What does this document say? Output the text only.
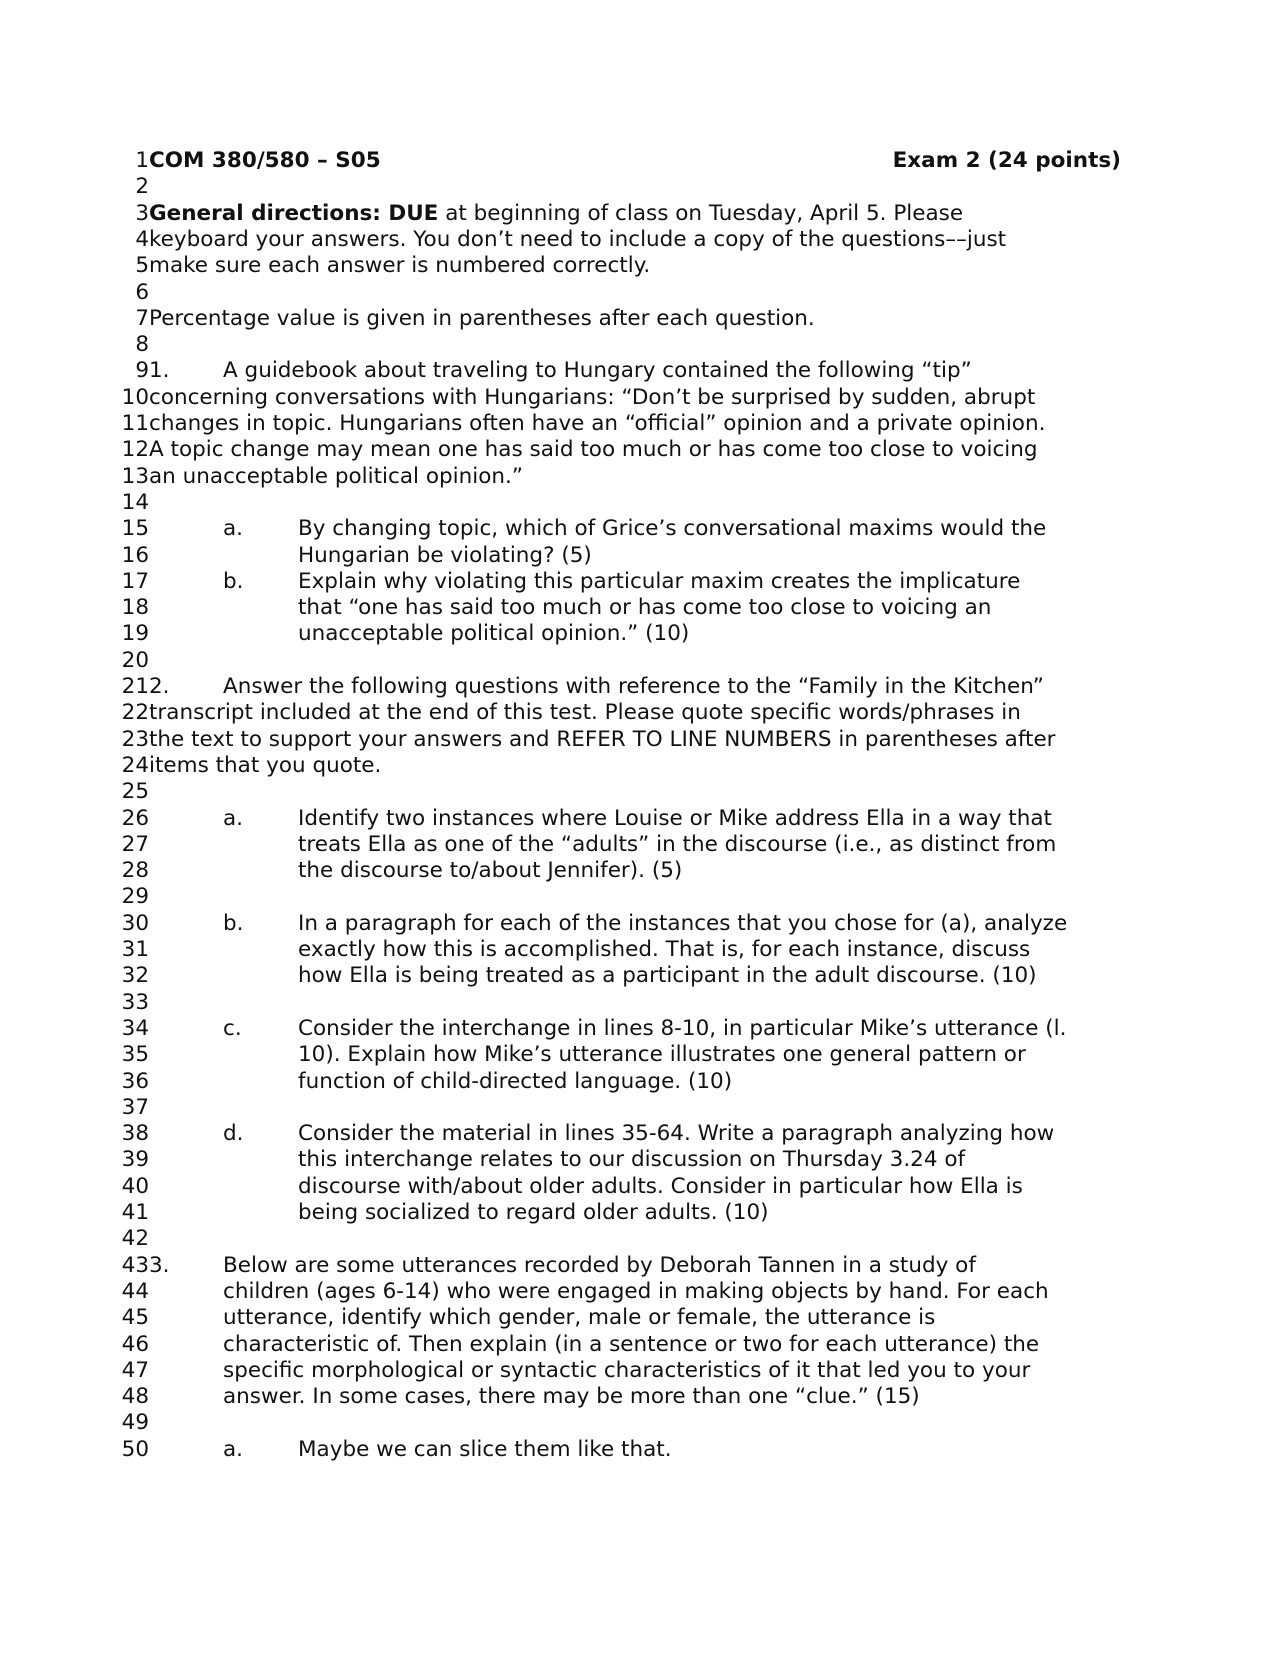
1 COM 380/580 – S05	Exam 2 (24 points)
2
3 General directions: DUE at beginning of class on Tuesday, April 5. Please
4 keyboard your answers. You don’t need to include a copy of the questions––just
5 make sure each answer is numbered correctly.
6
7 Percentage value is given in parentheses after each question.
8
9 1. A guidebook about traveling to Hungary contained the following “tip”
10 concerning conversations with Hungarians: “Don’t be surprised by sudden, abrupt
11 changes in topic. Hungarians often have an “official” opinion and a private opinion.
12 A topic change may mean one has said too much or has come too close to voicing
13 an unacceptable political opinion.”
14
15	a.	By changing topic, which of Grice’s conversational maxims would the
16	Hungarian be violating? (5)
17	b.	Explain why violating this particular maxim creates the implicature
18	that “one has said too much or has come too close to voicing an
19	unacceptable political opinion.” (10)
20
21 2. Answer the following questions with reference to the “Family in the Kitchen”
22 transcript included at the end of this test. Please quote specific words/phrases in
23 the text to support your answers and REFER TO LINE NUMBERS in parentheses after
24 items that you quote.
25
26	a.	Identify two instances where Louise or Mike address Ella in a way that
27	treats Ella as one of the “adults” in the discourse (i.e., as distinct from
28	the discourse to/about Jennifer). (5)
29
30	b.	In a paragraph for each of the instances that you chose for (a), analyze
31	exactly how this is accomplished. That is, for each instance, discuss
32	how Ella is being treated as a participant in the adult discourse. (10)
33
34	c.	Consider the interchange in lines 8-10, in particular Mike’s utterance (l.
35	10). Explain how Mike’s utterance illustrates one general pattern or
36	function of child-directed language. (10)
37
38	d.	Consider the material in lines 35-64. Write a paragraph analyzing how
39	this interchange relates to our discussion on Thursday 3.24 of
40	discourse with/about older adults. Consider in particular how Ella is
41	being socialized to regard older adults. (10)
42
43 3. Below are some utterances recorded by Deborah Tannen in a study of
44	children (ages 6-14) who were engaged in making objects by hand. For each
45	utterance, identify which gender, male or female, the utterance is
46	characteristic of. Then explain (in a sentence or two for each utterance) the
47	specific morphological or syntactic characteristics of it that led you to your
48	answer. In some cases, there may be more than one “clue.” (15)
49
50	a.	Maybe we can slice them like that.
